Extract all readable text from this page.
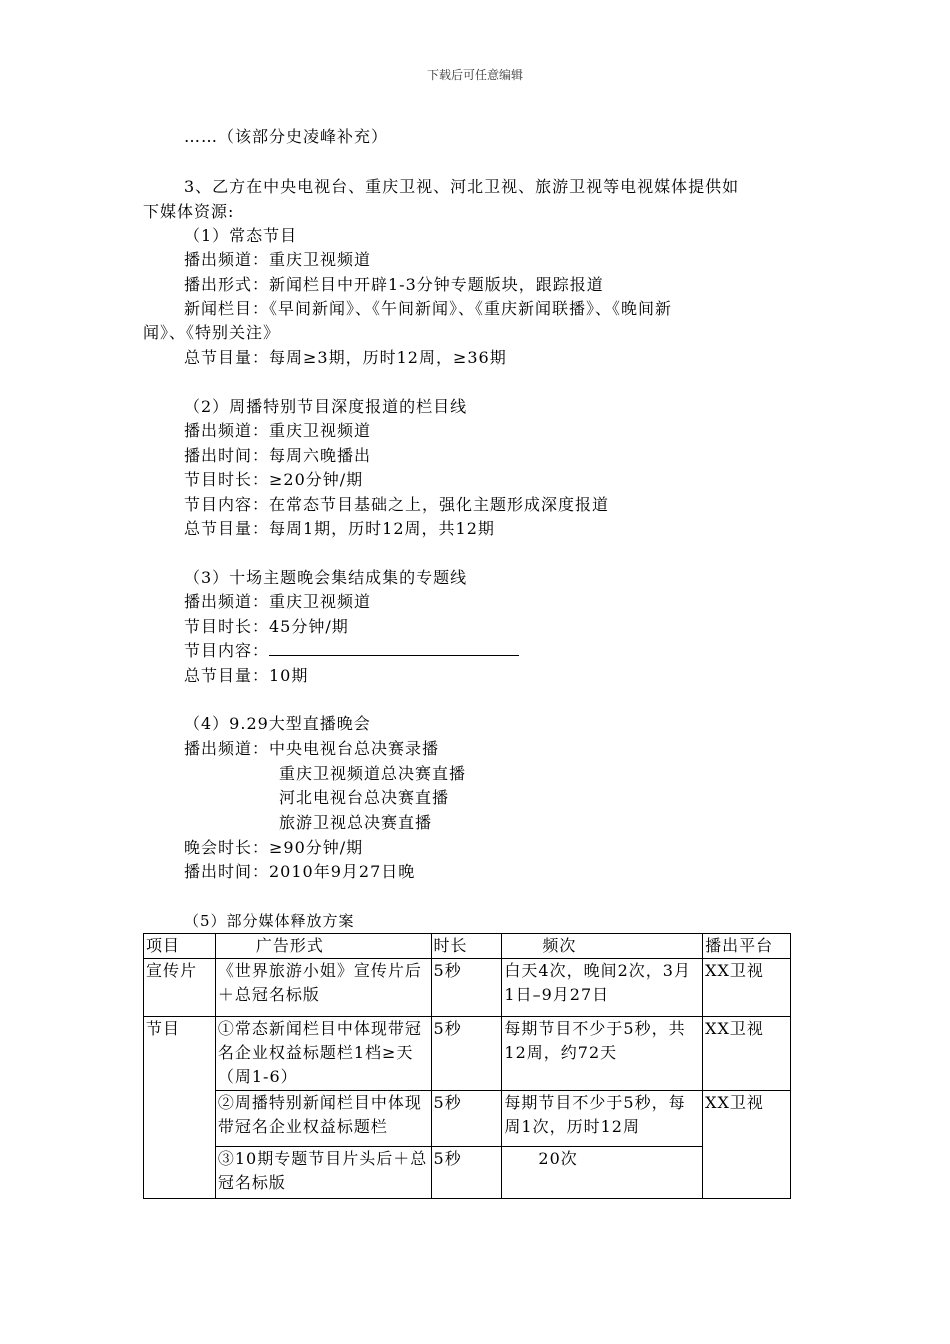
下载后可任意编辑
……（该部分史凌峰补充）
3、乙方在中央电视台、重庆卫视、河北卫视、旅游卫视等电视媒体提供如
下媒体资源:
（1）常态节目
播出频道：重庆卫视频道
播出形式：新闻栏目中开辟1-3分钟专题版块，跟踪报道
新闻栏目：《早间新闻》、《午间新闻》、《重庆新闻联播》、《晚间新
闻》、《特别关注》
总节目量：每周≥3期，历时12周，≥36期
（2）周播特别节目深度报道的栏目线
播出频道：重庆卫视频道
播出时间：每周六晚播出
节目时长：≥20分钟/期
节目内容：在常态节目基础之上，强化主题形成深度报道
总节目量：每周1期，历时12周，共12期
（3）十场主题晚会集结成集的专题线
播出频道：重庆卫视频道
节目时长：45分钟/期
节目内容：
总节目量：10期
（4）9.29大型直播晚会
播出频道：中央电视台总决赛录播
重庆卫视频道总决赛直播
河北电视台总决赛直播
旅游卫视总决赛直播
晚会时长：≥90分钟/期
播出时间：2010年9月27日晚
（5）部分媒体释放方案
项目	广告形式	时长	频次	播出平台
宣传片	《世界旅游小姐》宣传片后＋总冠名标版	5秒	白天4次，晚间2次，3月1日–9月27日	XX卫视
节目	①常态新闻栏目中体现带冠名企业权益标题栏1档≥天（周1-6）	5秒	每期节目不少于5秒，共12周，约72天	XX卫视
	②周播特别新闻栏目中体现带冠名企业权益标题栏	5秒	每期节目不少于5秒，每周1次，历时12周	XX卫视
	③10期专题节目片头后＋总冠名标版	5秒	20次	
